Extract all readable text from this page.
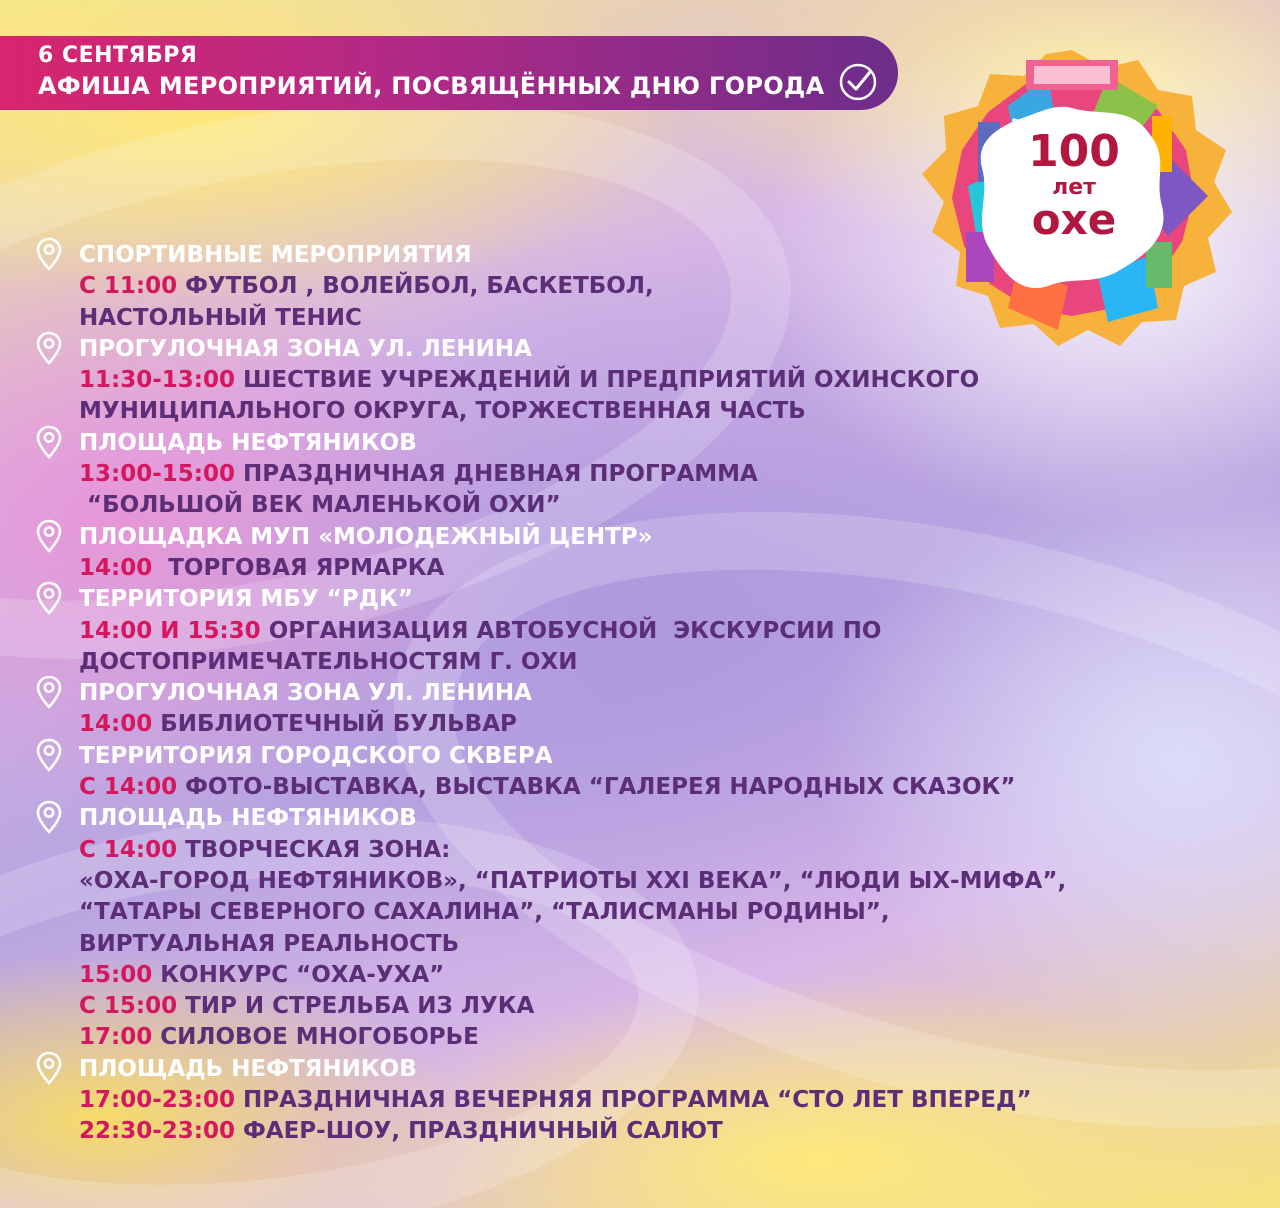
6 СЕНТЯБРЯ
АФИША МЕРОПРИЯТИЙ, ПОСВЯЩЁННЫХ ДНЮ ГОРОДА
100
лет
охе
ОХА
СПОРТИВНЫЕ МЕРОПРИЯТИЯ
С 11:00 ФУТБОЛ , ВОЛЕЙБОЛ, БАСКЕТБОЛ,
НАСТОЛЬНЫЙ ТЕНИС
ПРОГУЛОЧНАЯ ЗОНА УЛ. ЛЕНИНА
11:30-13:00 ШЕСТВИЕ УЧРЕЖДЕНИЙ И ПРЕДПРИЯТИЙ ОХИНСКОГО
МУНИЦИПАЛЬНОГО ОКРУГА, ТОРЖЕСТВЕННАЯ ЧАСТЬ
ПЛОЩАДЬ НЕФТЯНИКОВ
13:00-15:00 ПРАЗДНИЧНАЯ ДНЕВНАЯ ПРОГРАММА
“БОЛЬШОЙ ВЕК МАЛЕНЬКОЙ ОХИ”
ПЛОЩАДКА МУП «МОЛОДЕЖНЫЙ ЦЕНТР»
14:00  ТОРГОВАЯ ЯРМАРКА
ТЕРРИТОРИЯ МБУ “РДК”
14:00 И 15:30 ОРГАНИЗАЦИЯ АВТОБУСНОЙ  ЭКСКУРСИИ ПО
ДОСТОПРИМЕЧАТЕЛЬНОСТЯМ Г. ОХИ
ПРОГУЛОЧНАЯ ЗОНА УЛ. ЛЕНИНА
14:00 БИБЛИОТЕЧНЫЙ БУЛЬВАР
ТЕРРИТОРИЯ ГОРОДСКОГО СКВЕРА
С 14:00 ФОТО-ВЫСТАВКА, ВЫСТАВКА “ГАЛЕРЕЯ НАРОДНЫХ СКАЗОК”
ПЛОЩАДЬ НЕФТЯНИКОВ
С 14:00 ТВОРЧЕСКАЯ ЗОНА:
«ОХА-ГОРОД НЕФТЯНИКОВ», “ПАТРИОТЫ XXI ВЕКА”, “ЛЮДИ ЫХ-МИФА”,
“ТАТАРЫ СЕВЕРНОГО САХАЛИНА”, “ТАЛИСМАНЫ РОДИНЫ”,
ВИРТУАЛЬНАЯ РЕАЛЬНОСТЬ
15:00 КОНКУРС “ОХА-УХА”
С 15:00 ТИР И СТРЕЛЬБА ИЗ ЛУКА
17:00 СИЛОВОЕ МНОГОБОРЬЕ
ПЛОЩАДЬ НЕФТЯНИКОВ
17:00-23:00 ПРАЗДНИЧНАЯ ВЕЧЕРНЯЯ ПРОГРАММА “СТО ЛЕТ ВПЕРЕД”
22:30-23:00 ФАЕР-ШОУ, ПРАЗДНИЧНЫЙ САЛЮТ
